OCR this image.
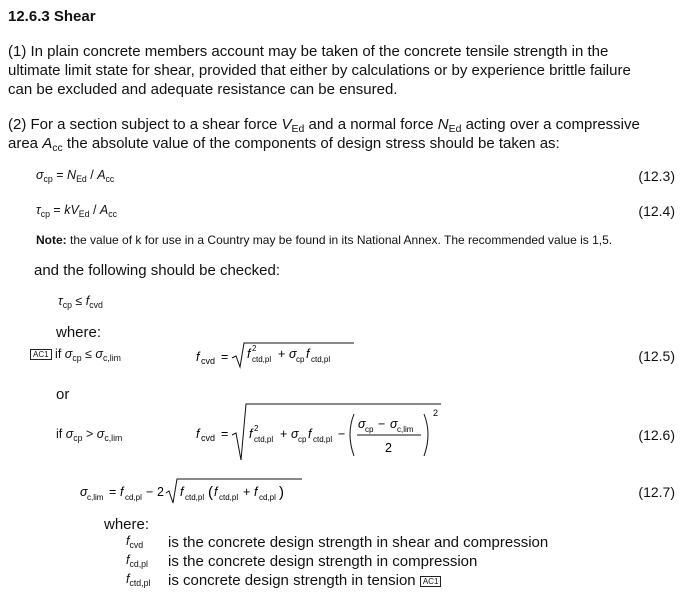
12.6.3 Shear
(1) In plain concrete members account may be taken of the concrete tensile strength in the
ultimate limit state for shear, provided that either by calculations or by experience brittle failure
can be excluded and adequate resistance can be ensured.
(2) For a section subject to a shear force $V_{Ed}$ and a normal force $N_{Ed}$ acting over a compressive
area $A_{cc}$ the absolute value of the components of design stress should be taken as:
$\sigma_{cp} = N_{Ed} / A_{cc}$	(12.3)
$\tau_{cp} = kV_{Ed} / A_{cc}$	(12.4)
Note: the value of k for use in a Country may be found in its National Annex. The recommended value is 1,5.
and the following should be checked:
$\tau_{cp} \le f_{cvd}$
where:
AC1 if $\sigma_{cp} \le \sigma_{c,lim}$	f cvd = f 2
ctd,pl + σ cp f ctd,pl	(12.5)
or
if $\sigma_{cp} > \sigma_{c,lim}$	f cvd = f 2
ctd,pl + σ cp f ctd,pl −
σ cp − σ c,lim
2
2
(12.6)
σ c,lim = f cd,pl − 2 f ctd,pl ( f ctd,pl + f cd,pl )	(12.7)
where:
$f_{cvd}$ is the concrete design strength in shear and compression
$f_{cd,pl}$ is the concrete design strength in compression
$f_{ctd,pl}$ is concrete design strength in tension AC1
